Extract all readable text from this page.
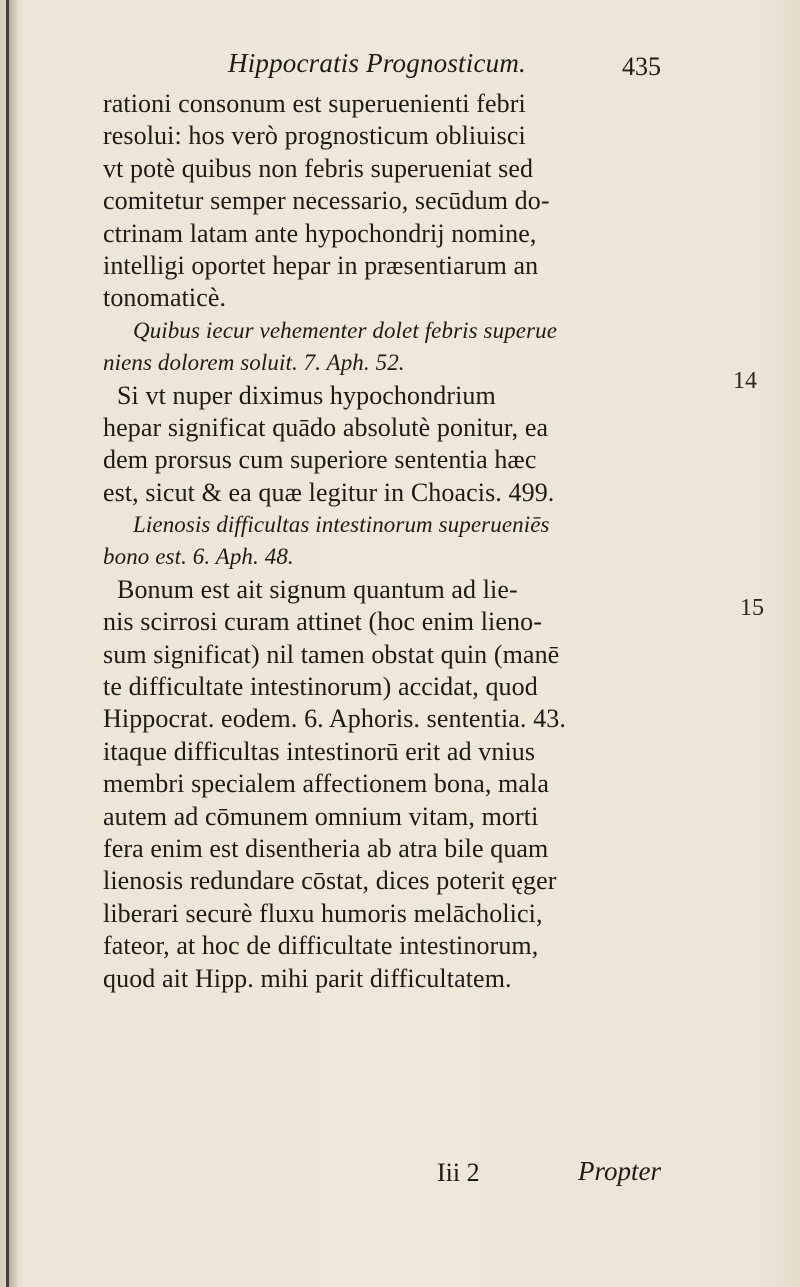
Hippocratis Prognosticum.	435
rationi consonum est superuenienti febri
resolui: hos verò prognosticum obliuisci
vt potè quibus non febris superueniat sed
comitetur semper necessario, secūdum do-
ctrinam latam ante hypochondrij nomine,
intelligi oportet hepar in præsentiarum an
tonomaticè.
Quibus iecur vehementer dolet febris superue
niens dolorem soluit. 7. Aph. 52.
Si vt nuper diximus hypochondrium
hepar significat quādo absolutè ponitur, ea
dem prorsus cum superiore sententia hæc
est, sicut & ea quæ legitur in Choacis. 499.
Lienosis difficultas intestinorum superueniēs
bono est. 6. Aph. 48.
Bonum est ait signum quantum ad lie-
nis scirrosi curam attinet (hoc enim lieno-
sum significat) nil tamen obstat quin (manē
te difficultate intestinorum) accidat, quod
Hippocrat. eodem. 6. Aphoris. sententia. 43.
itaque difficultas intestinorū erit ad vnius
membri specialem affectionem bona, mala
autem ad cōmunem omnium vitam, morti
fera enim est disentheria ab atra bile quam
lienosis redundare cōstat, dices poterit ęger
liberari securè fluxu humoris melācholici,
fateor, at hoc de difficultate intestinorum,
quod ait Hipp. mihi parit difficultatem.
14
15
Iii 2	Propter
